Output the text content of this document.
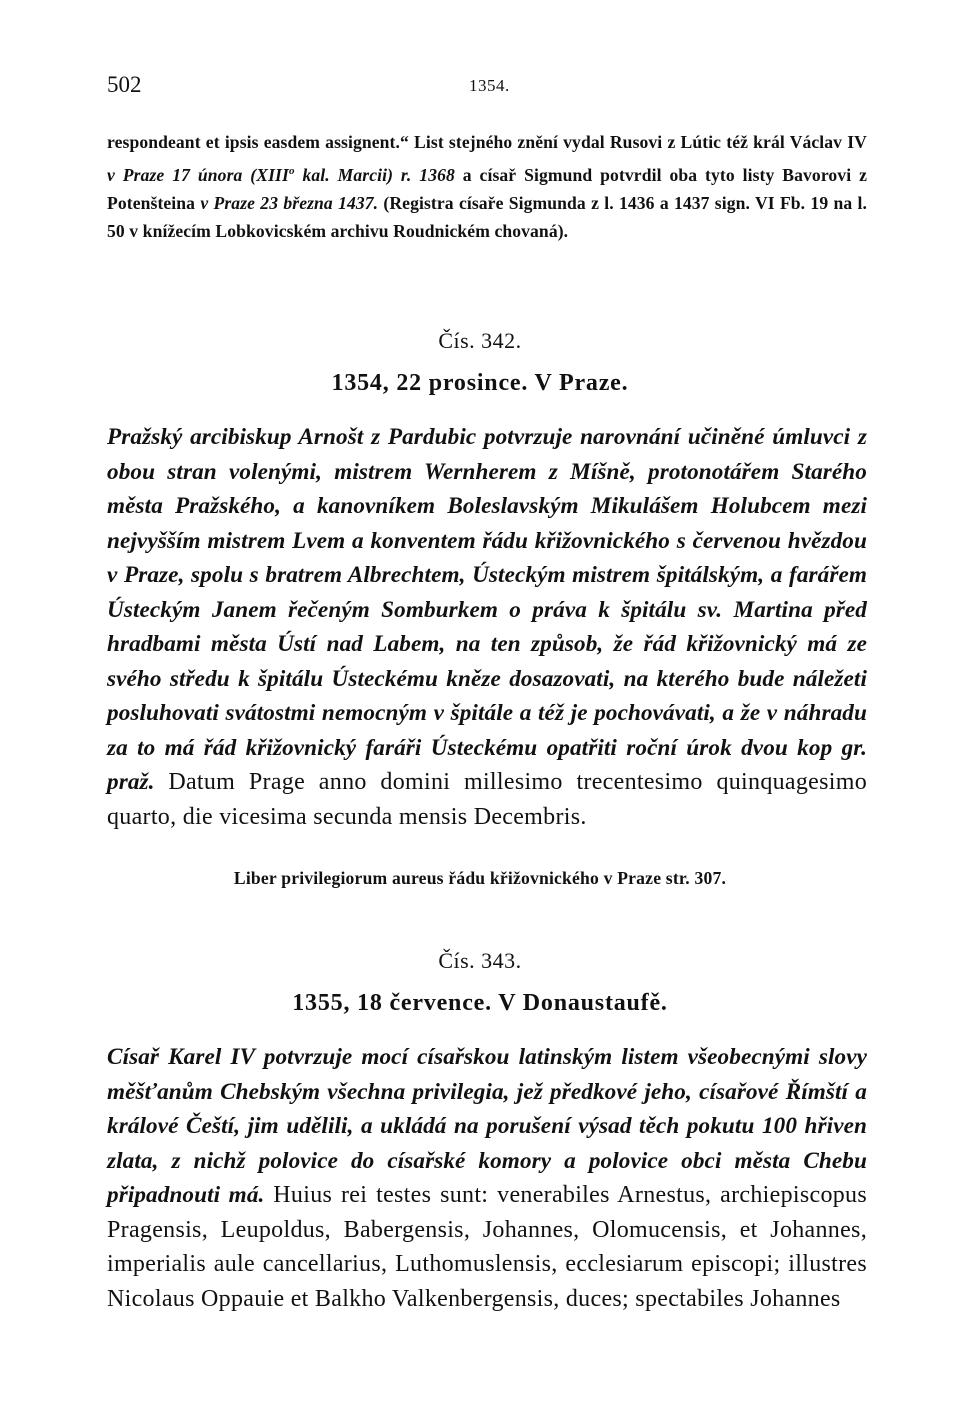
502	1354.
respondeant et ipsis easdem assignent.“ List stejného znění vydal Rusovi z Lútic též král Václav IV v Praze 17 února (XIII$^o$ kal. Marcii) r. 1368 a císař Sigmund potvrdil oba tyto listy Bavorovi z Potenšteina v Praze 23 března 1437. (Registra císaře Sigmunda z l. 1436 a 1437 sign. VI Fb. 19 na l. 50 v knížecím Lobkovicském archivu Roudnickém chovaná).
Čís. 342.
1354, 22 prosince. V Praze.
Pražský arcibiskup Arnošt z Pardubic potvrzuje narovnání učiněné úmluvci z obou stran volenými, mistrem Wernherem z Míšně, protonotářem Starého města Pražského, a kanovníkem Boleslavským Mikulášem Holubcem mezi nejvyšším mistrem Lvem a konventem řádu křižovnického s červenou hvězdou v Praze, spolu s bratrem Albrechtem, Ústeckým mistrem špitálským, a farářem Ústeckým Janem řečeným Somburkem o práva k špitálu sv. Martina před hradbami města Ústí nad Labem, na ten způsob, že řád křižovnický má ze svého středu k špitálu Ústeckému kněze dosazovati, na kterého bude náležeti posluhovati svátostmi nemocným v špitále a též je pochovávati, a že v náhradu za to má řád křižovnický faráři Ústeckému opatřiti roční úrok dvou kop gr. praž. Datum Prage anno domini millesimo trecentesimo quinquagesimo quarto, die vicesima secunda mensis Decembris.
Liber privilegiorum aureus řádu křižovnického v Praze str. 307.
Čís. 343.
1355, 18 července. V Donaustaufě.
Císař Karel IV potvrzuje mocí císařskou latinským listem všeobecnými slovy měšťanům Chebským všechna privilegia, jež předkové jeho, císařové Římští a králové Čeští, jim udělili, a ukládá na porušení výsad těch pokutu 100 hřiven zlata, z nichž polovice do císařské komory a polovice obci města Chebu připadnouti má. Huius rei testes sunt: venerabiles Arnestus, archiepiscopus Pragensis, Leupoldus, Babergensis, Johannes, Olomucensis, et Johannes, imperialis aule cancellarius, Luthomuslensis, ecclesiarum episcopi; illustres Nicolaus Oppauie et Balkho Valkenbergensis, duces; spectabiles Johannes
